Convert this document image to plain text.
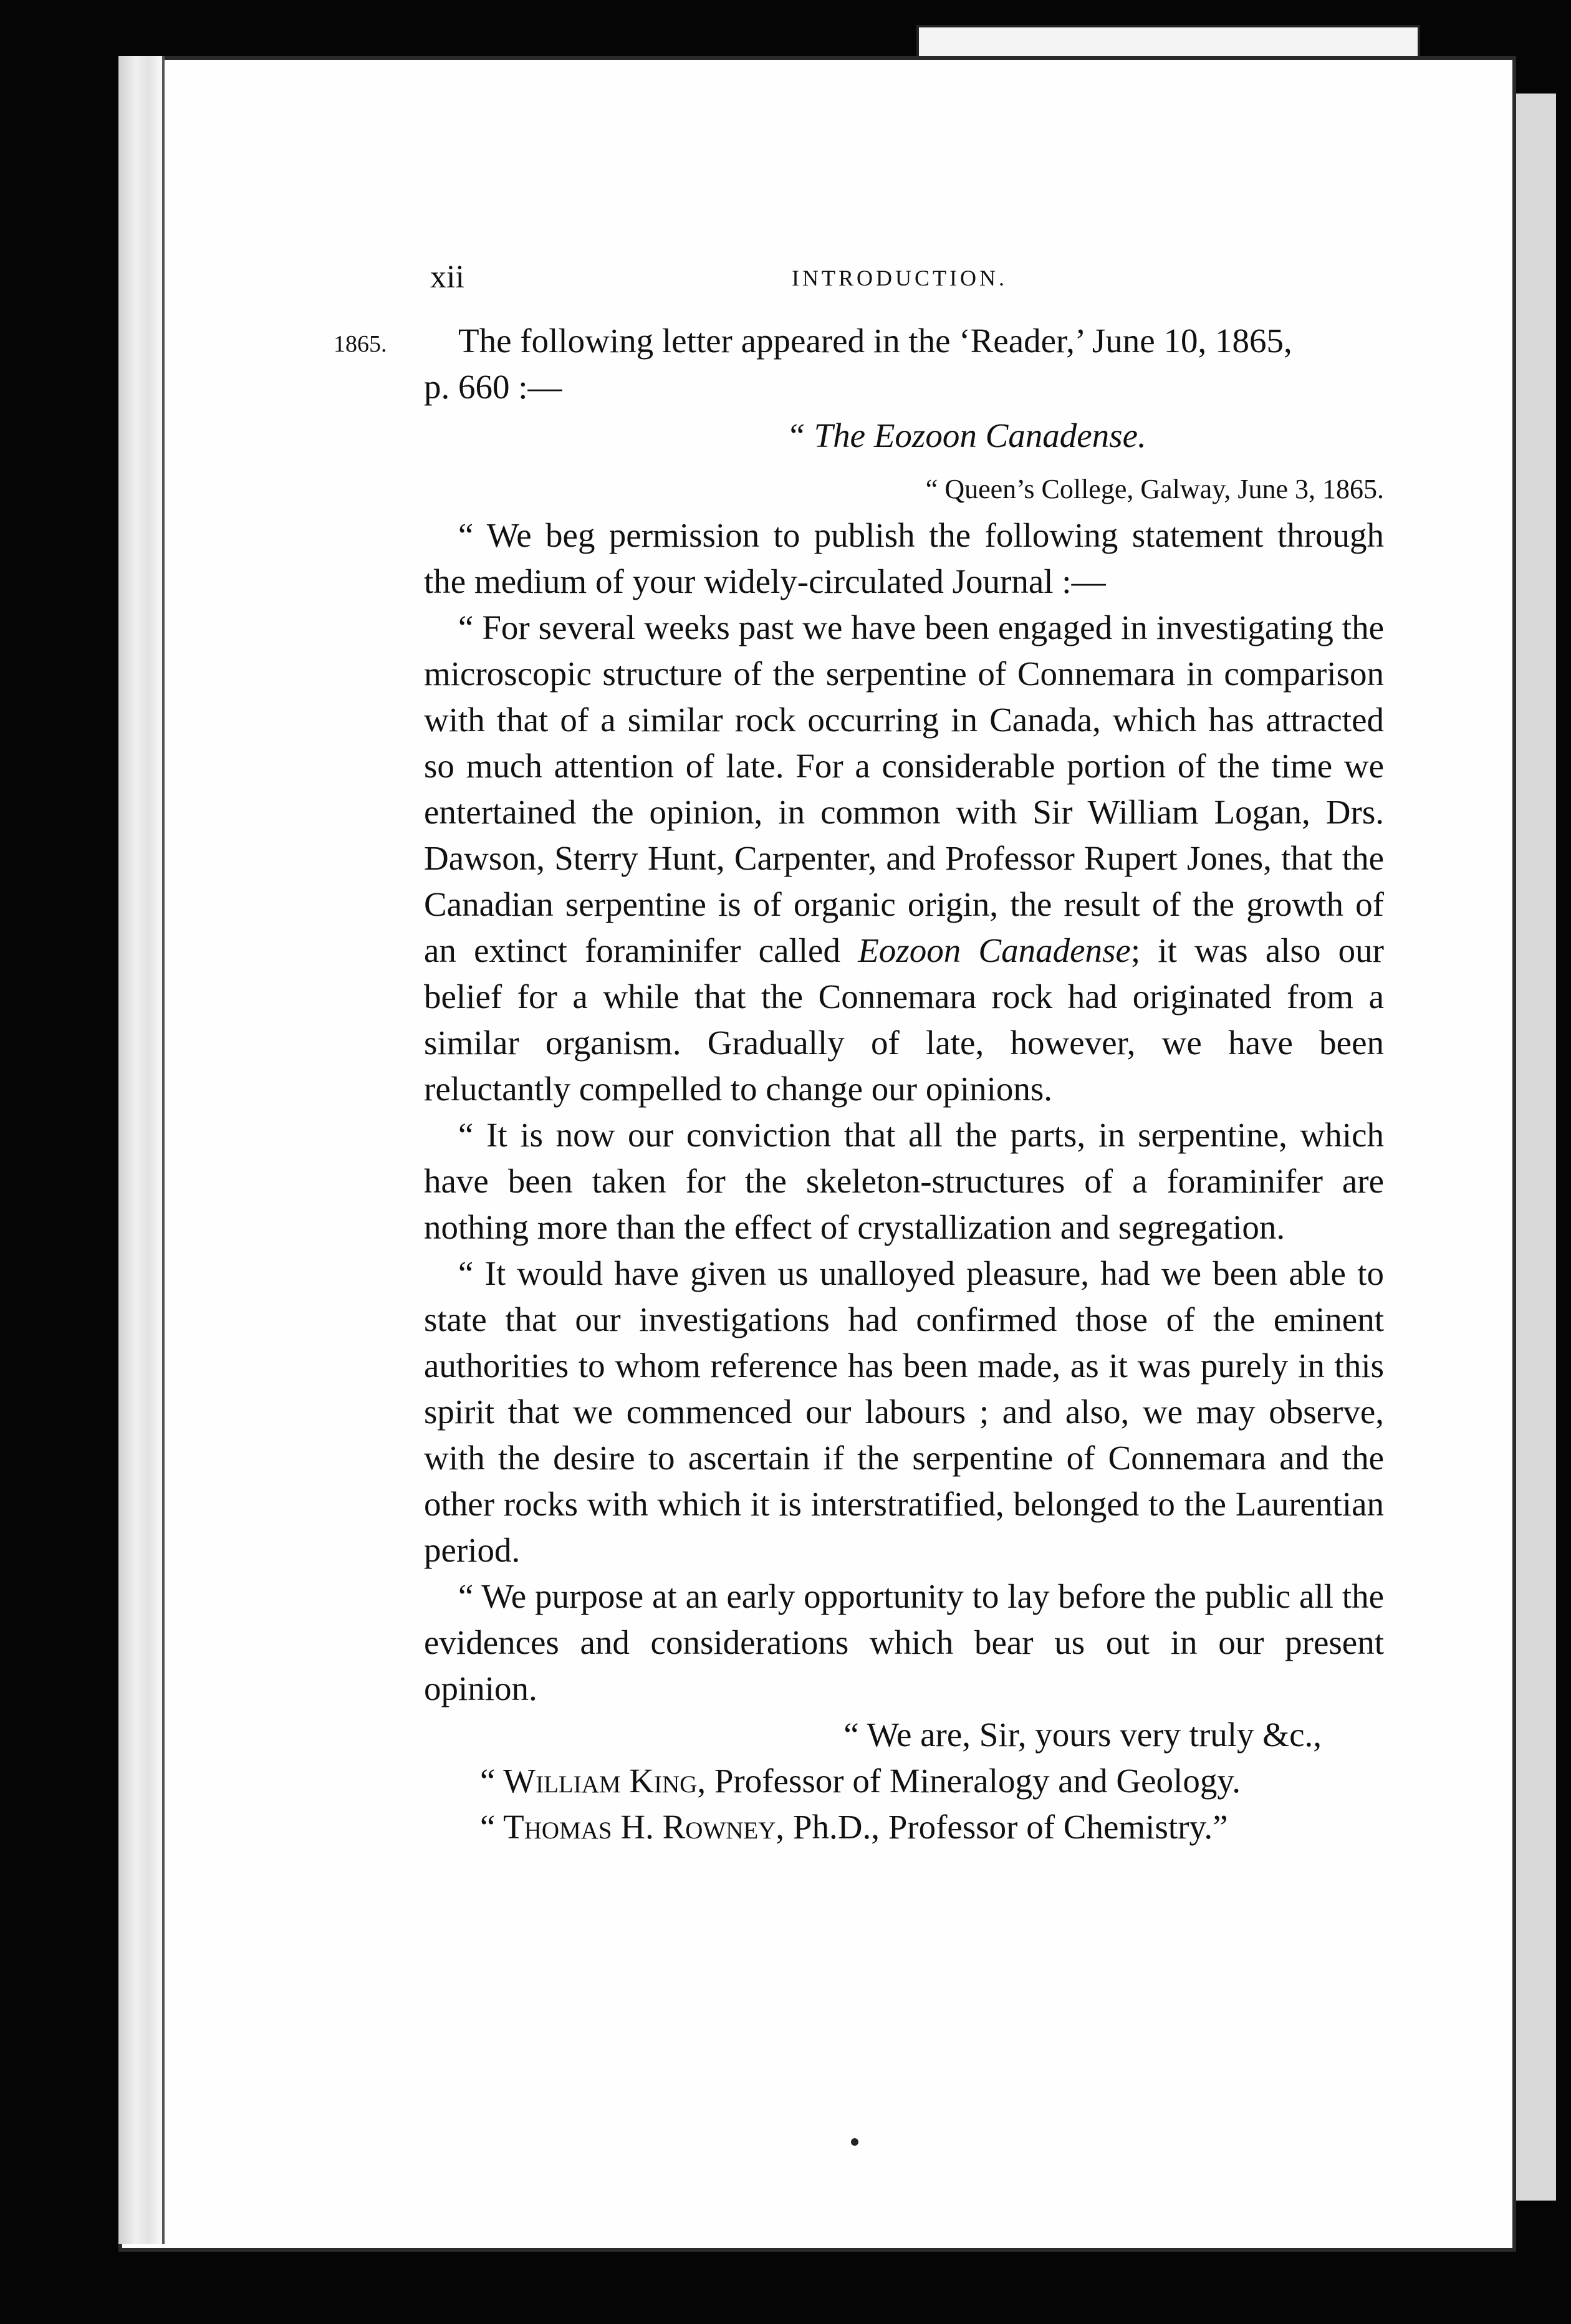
xii	INTRODUCTION.
1865.	The following letter appeared in the ‘Reader,’ June 10, 1865,

p. 660 :—

“ The Eozoon Canadense.

“ Queen’s College, Galway, June 3, 1865.

“ We beg permission to publish the following statement through the medium of your widely-circulated Journal :—

“ For several weeks past we have been engaged in investigating the microscopic structure of the serpentine of Connemara in comparison with that of a similar rock occurring in Canada, which has attracted so much attention of late. For a considerable portion of the time we entertained the opinion, in common with Sir William Logan, Drs. Dawson, Sterry Hunt, Carpenter, and Professor Rupert Jones, that the Canadian serpentine is of organic origin, the result of the growth of an extinct foraminifer called Eozoon Canadense; it was also our belief for a while that the Connemara rock had originated from a similar organism. Gradually of late, however, we have been reluctantly compelled to change our opinions.

“ It is now our conviction that all the parts, in serpentine, which have been taken for the skeleton-structures of a foraminifer are nothing more than the effect of crystallization and segregation.

“ It would have given us unalloyed pleasure, had we been able to state that our investigations had confirmed those of the eminent authorities to whom reference has been made, as it was purely in this spirit that we commenced our labours ; and also, we may observe, with the desire to ascertain if the serpentine of Connemara and the other rocks with which it is interstratified, belonged to the Laurentian period.

“ We purpose at an early opportunity to lay before the public all the evidences and considerations which bear us out in our present opinion.

“ We are, Sir, yours very truly &c.,

“ William King, Professor of Mineralogy and Geology.

“ Thomas H. Rowney, Ph.D., Professor of Chemistry.”
